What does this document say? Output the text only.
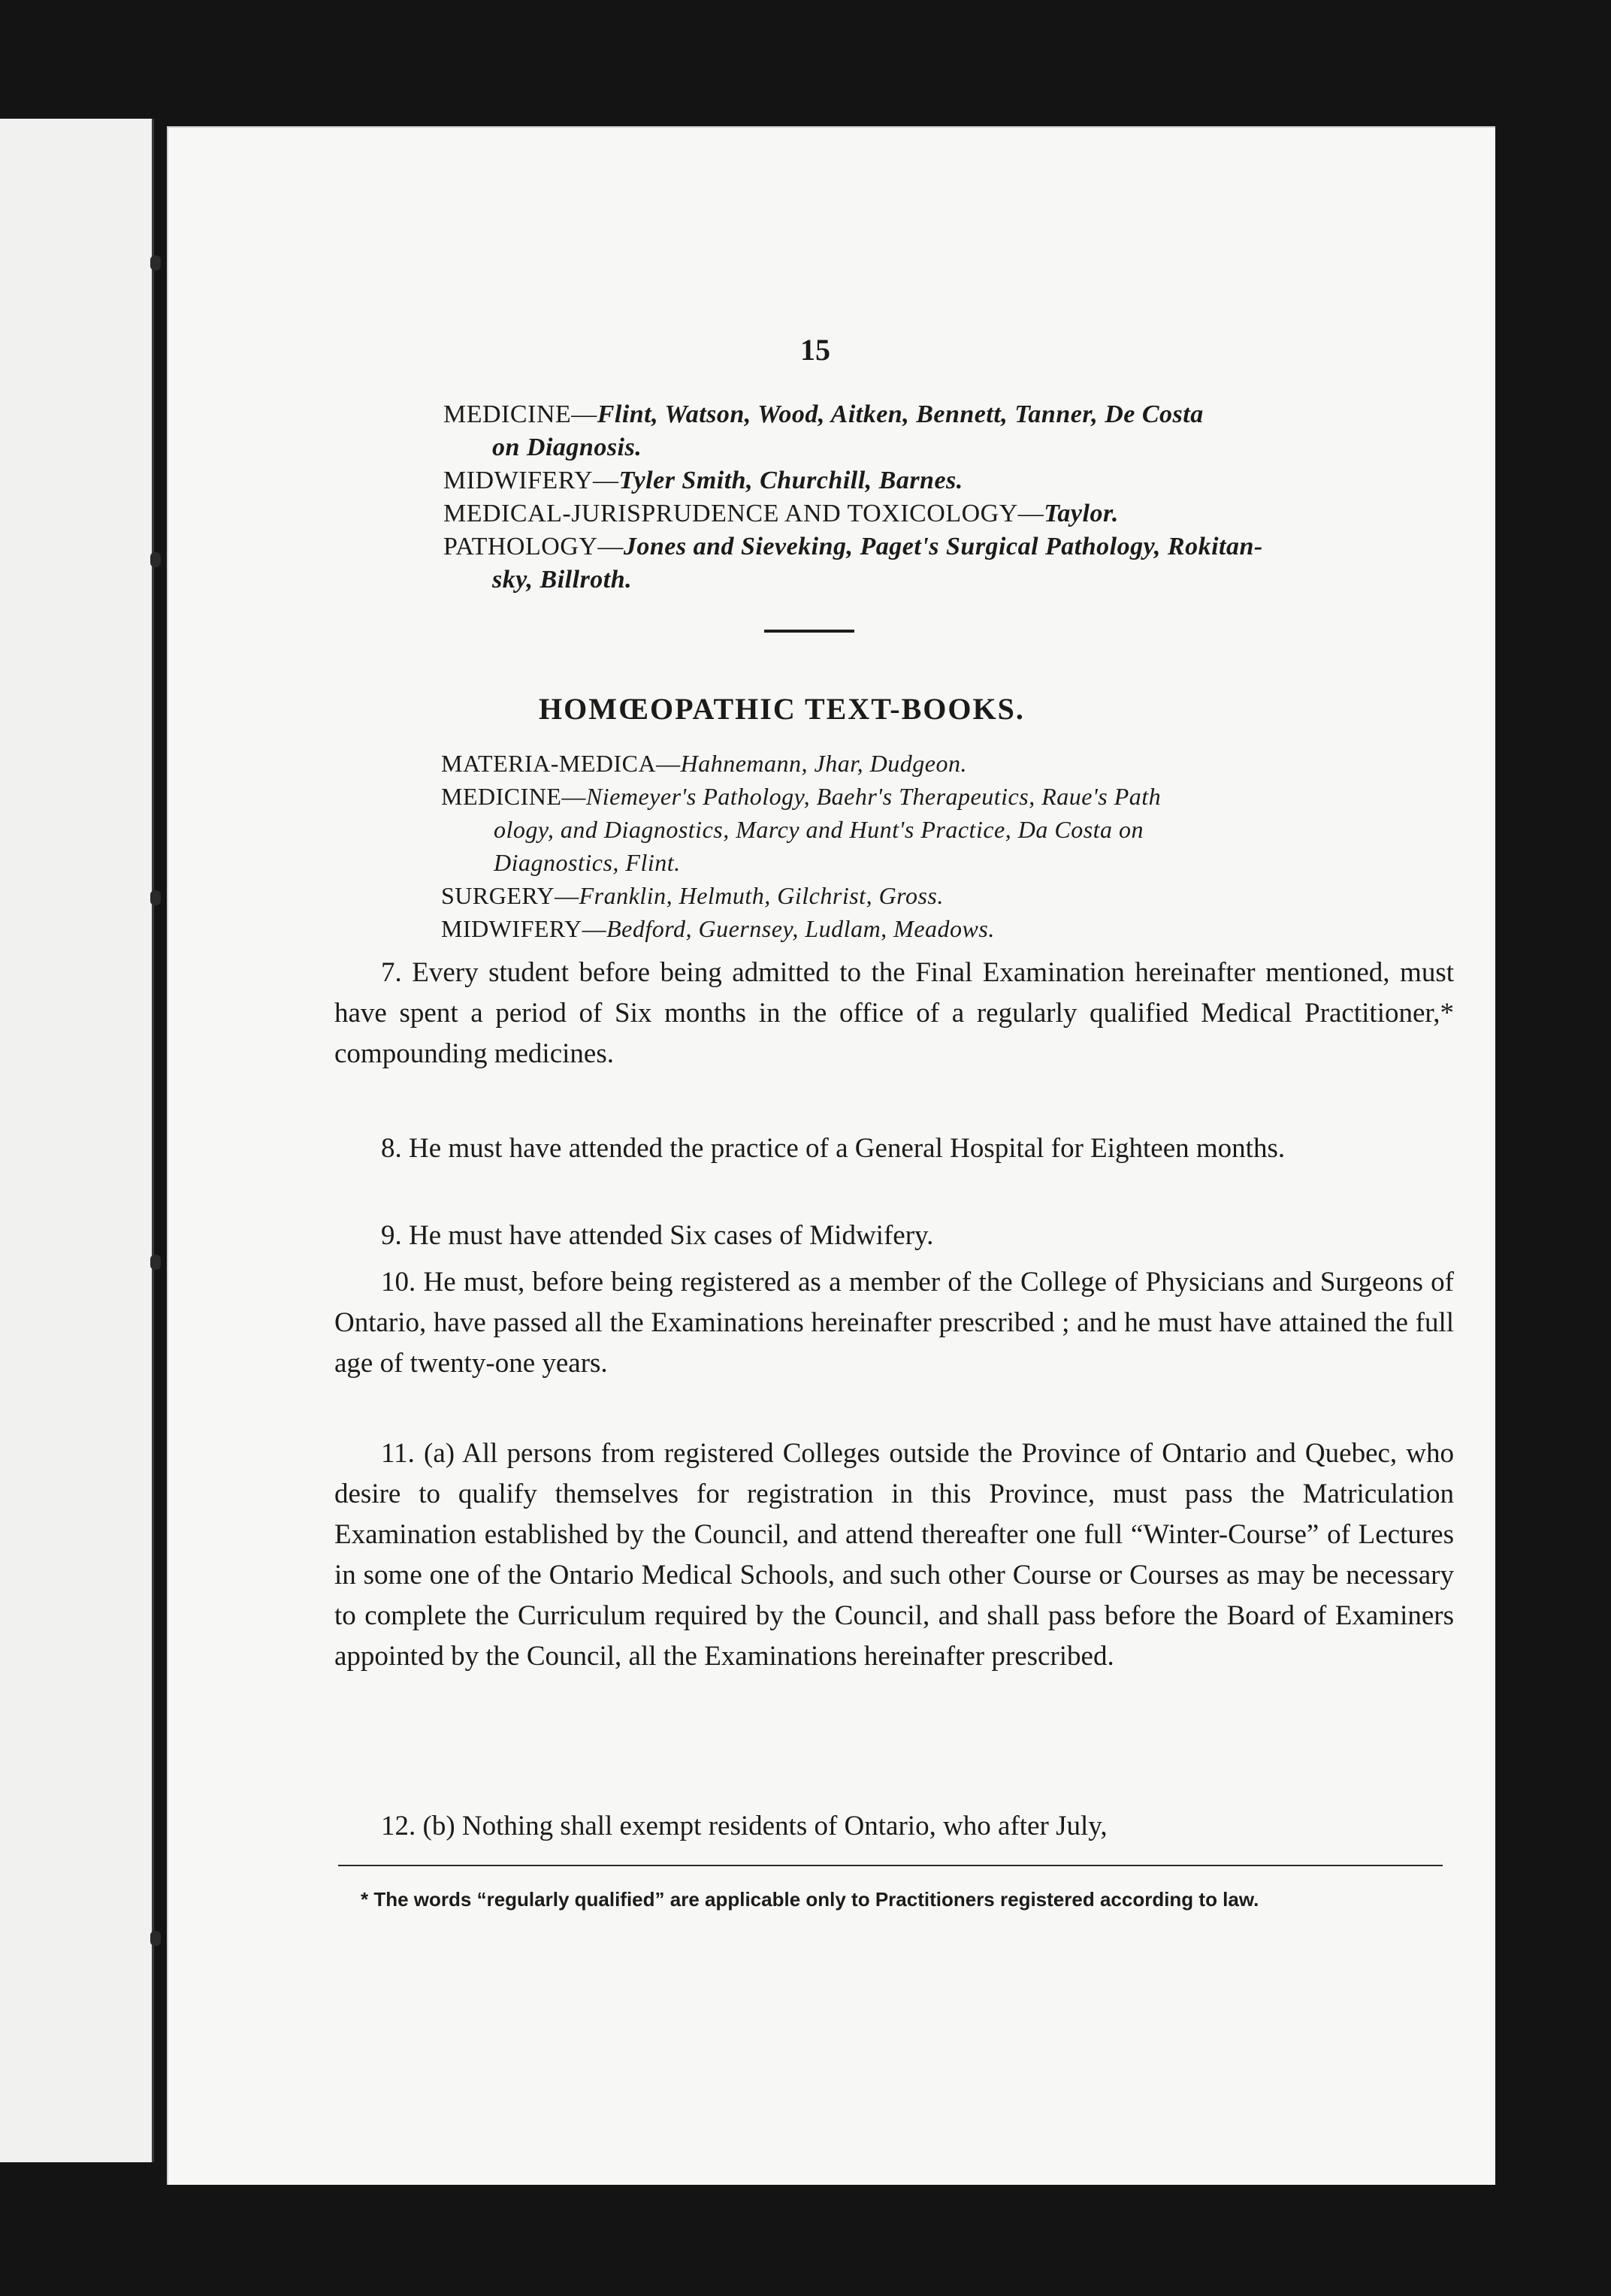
15
MEDICINE—Flint, Watson, Wood, Aitken, Bennett, Tanner, De Costa
on Diagnosis.
MIDWIFERY—Tyler Smith, Churchill, Barnes.
MEDICAL-JURISPRUDENCE AND TOXICOLOGY—Taylor.
PATHOLOGY—Jones and Sieveking, Paget's Surgical Pathology, Rokitan-
sky, Billroth.
HOMŒOPATHIC TEXT-BOOKS.
MATERIA-MEDICA—Hahnemann, Jhar, Dudgeon.
MEDICINE—Niemeyer's Pathology, Baehr's Therapeutics, Raue's Path
ology, and Diagnostics, Marcy and Hunt's Practice, Da Costa on
Diagnostics, Flint.
SURGERY—Franklin, Helmuth, Gilchrist, Gross.
MIDWIFERY—Bedford, Guernsey, Ludlam, Meadows.
7. Every student before being admitted to the Final Examination hereinafter mentioned, must have spent a period of Six months in the office of a regularly qualified Medical Practitioner,* compounding medicines.
8. He must have attended the practice of a General Hospital for Eighteen months.
9. He must have attended Six cases of Midwifery.
10. He must, before being registered as a member of the College of Physicians and Surgeons of Ontario, have passed all the Examinations hereinafter prescribed ; and he must have attained the full age of twenty-one years.
11. (a) All persons from registered Colleges outside the Province of Ontario and Quebec, who desire to qualify themselves for registration in this Province, must pass the Matriculation Examination established by the Council, and attend thereafter one full “Winter-Course” of Lectures in some one of the Ontario Medical Schools, and such other Course or Courses as may be necessary to complete the Curriculum required by the Council, and shall pass before the Board of Examiners appointed by the Council, all the Examinations hereinafter prescribed.
12. (b) Nothing shall exempt residents of Ontario, who after July,
* The words “regularly qualified” are applicable only to Practitioners registered according to law.
